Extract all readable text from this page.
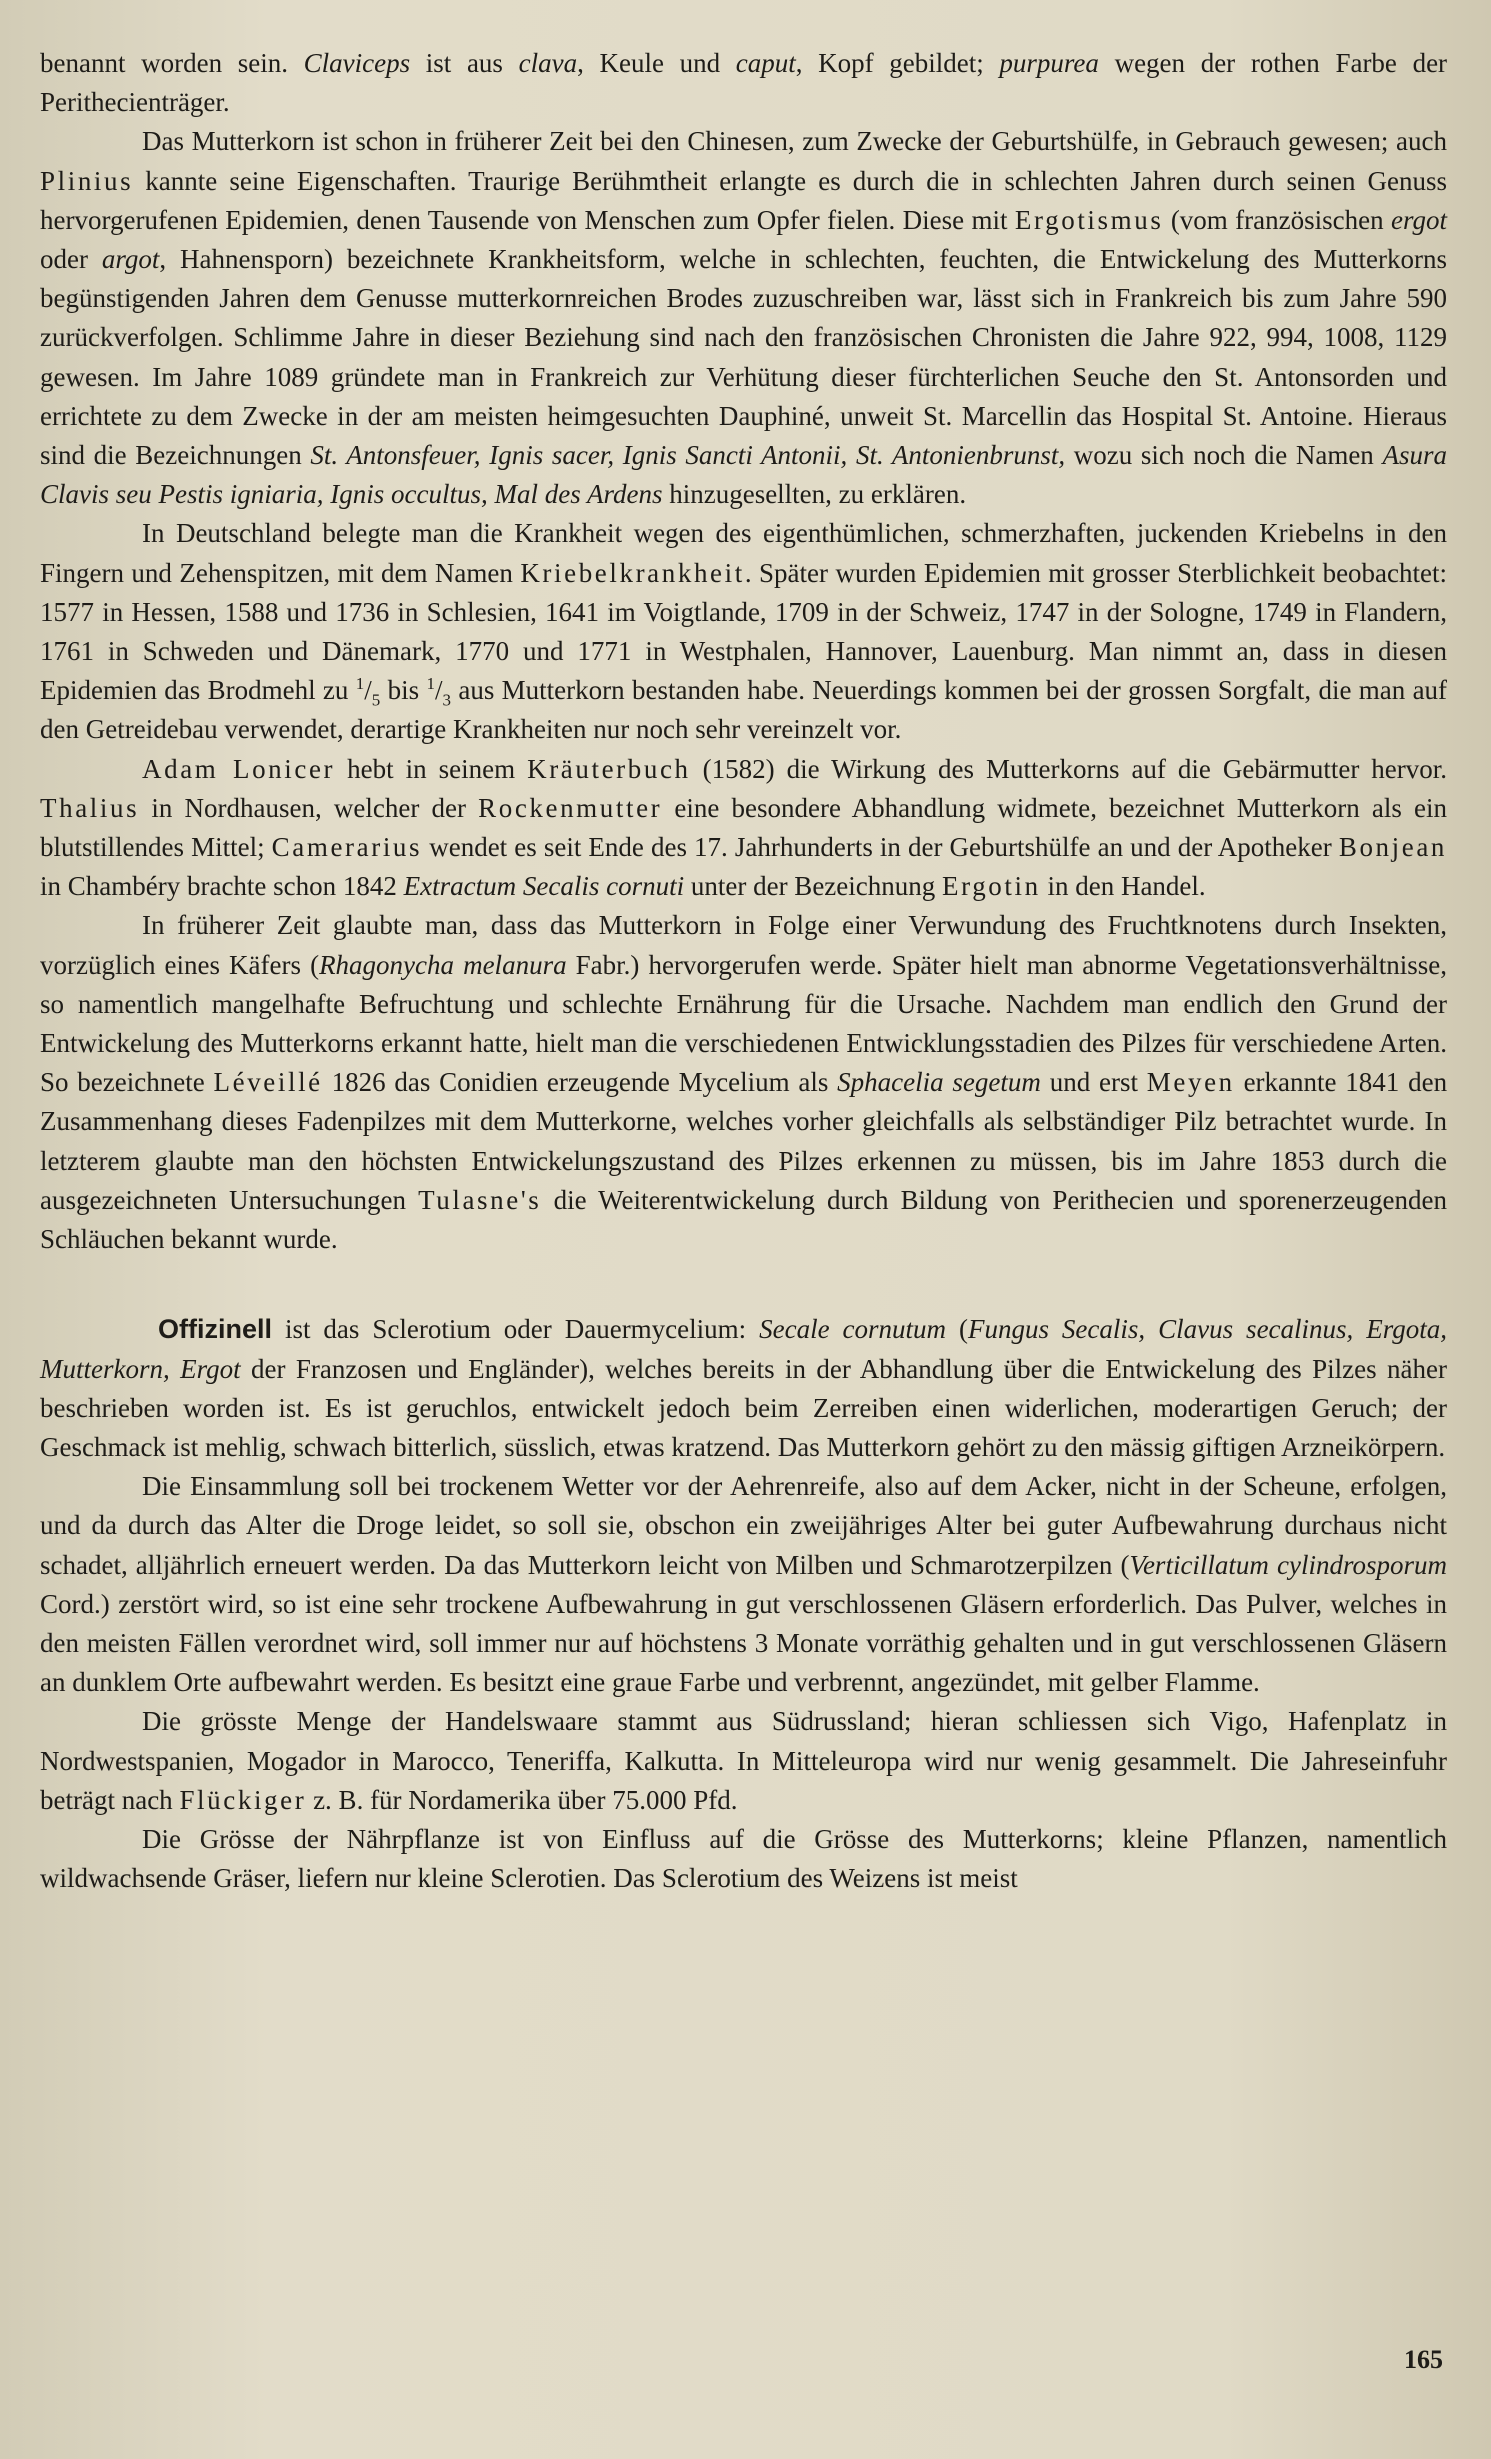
benannt worden sein. Claviceps ist aus clava, Keule und caput, Kopf gebildet; purpurea wegen der rothen Farbe der Perithecienträger.

Das Mutterkorn ist schon in früherer Zeit bei den Chinesen, zum Zwecke der Geburtshülfe, in Gebrauch gewesen; auch Plinius kannte seine Eigenschaften. Traurige Berühmtheit erlangte es durch die in schlechten Jahren durch seinen Genuss hervorgerufenen Epidemien, denen Tausende von Menschen zum Opfer fielen. Diese mit Ergotismus (vom französischen ergot oder argot, Hahnensporn) bezeichnete Krankheitsform, welche in schlechten, feuchten, die Entwickelung des Mutterkorns begünstigenden Jahren dem Genusse mutterkornreichen Brodes zuzuschreiben war, lässt sich in Frankreich bis zum Jahre 590 zurückverfolgen. Schlimme Jahre in dieser Beziehung sind nach den französischen Chronisten die Jahre 922, 994, 1008, 1129 gewesen. Im Jahre 1089 gründete man in Frankreich zur Verhütung dieser fürchterlichen Seuche den St. Antonsorden und errichtete zu dem Zwecke in der am meisten heimgesuchten Dauphiné, unweit St. Marcellin das Hospital St. Antoine. Hieraus sind die Bezeichnungen St. Antonsfeuer, Ignis sacer, Ignis Sancti Antonii, St. Antonienbrunst, wozu sich noch die Namen Asura Clavis seu Pestis igniaria, Ignis occultus, Mal des Ardens hinzugesellten, zu erklären.

In Deutschland belegte man die Krankheit wegen des eigenthümlichen, schmerzhaften, juckenden Kriebelns in den Fingern und Zehenspitzen, mit dem Namen Kriebelkrankheit. Später wurden Epidemien mit grosser Sterblichkeit beobachtet: 1577 in Hessen, 1588 und 1736 in Schlesien, 1641 im Voigtlande, 1709 in der Schweiz, 1747 in der Sologne, 1749 in Flandern, 1761 in Schweden und Dänemark, 1770 und 1771 in Westphalen, Hannover, Lauenburg. Man nimmt an, dass in diesen Epidemien das Brodmehl zu $^1/_5$ bis $^1/_3$ aus Mutterkorn bestanden habe. Neuerdings kommen bei der grossen Sorgfalt, die man auf den Getreidebau verwendet, derartige Krankheiten nur noch sehr vereinzelt vor.

Adam Lonicer hebt in seinem Kräuterbuch (1582) die Wirkung des Mutterkorns auf die Gebärmutter hervor. Thalius in Nordhausen, welcher der Rockenmutter eine besondere Abhandlung widmete, bezeichnet Mutterkorn als ein blutstillendes Mittel; Camerarius wendet es seit Ende des 17. Jahrhunderts in der Geburtshülfe an und der Apotheker Bonjean in Chambéry brachte schon 1842 Extractum Secalis cornuti unter der Bezeichnung Ergotin in den Handel.

In früherer Zeit glaubte man, dass das Mutterkorn in Folge einer Verwundung des Fruchtknotens durch Insekten, vorzüglich eines Käfers (Rhagonycha melanura Fabr.) hervorgerufen werde. Später hielt man abnorme Vegetationsverhältnisse, so namentlich mangelhafte Befruchtung und schlechte Ernährung für die Ursache. Nachdem man endlich den Grund der Entwickelung des Mutterkorns erkannt hatte, hielt man die verschiedenen Entwicklungsstadien des Pilzes für verschiedene Arten. So bezeichnete Léveillé 1826 das Conidien erzeugende Mycelium als Sphacelia segetum und erst Meyen erkannte 1841 den Zusammenhang dieses Fadenpilzes mit dem Mutterkorne, welches vorher gleichfalls als selbständiger Pilz betrachtet wurde. In letzterem glaubte man den höchsten Entwickelungszustand des Pilzes erkennen zu müssen, bis im Jahre 1853 durch die ausgezeichneten Untersuchungen Tulasne's die Weiterentwickelung durch Bildung von Perithecien und sporenerzeugenden Schläuchen bekannt wurde.

Offizinell ist das Sclerotium oder Dauermycelium: Secale cornutum (Fungus Secalis, Clavus secalinus, Ergota, Mutterkorn, Ergot der Franzosen und Engländer), welches bereits in der Abhandlung über die Entwickelung des Pilzes näher beschrieben worden ist. Es ist geruchlos, entwickelt jedoch beim Zerreiben einen widerlichen, moderartigen Geruch; der Geschmack ist mehlig, schwach bitterlich, süsslich, etwas kratzend. Das Mutterkorn gehört zu den mässig giftigen Arzneikörpern.

Die Einsammlung soll bei trockenem Wetter vor der Aehrenreife, also auf dem Acker, nicht in der Scheune, erfolgen, und da durch das Alter die Droge leidet, so soll sie, obschon ein zweijähriges Alter bei guter Aufbewahrung durchaus nicht schadet, alljährlich erneuert werden. Da das Mutterkorn leicht von Milben und Schmarotzerpilzen (Verticillatum cylindrosporum Cord.) zerstört wird, so ist eine sehr trockene Aufbewahrung in gut verschlossenen Gläsern erforderlich. Das Pulver, welches in den meisten Fällen verordnet wird, soll immer nur auf höchstens 3 Monate vorräthig gehalten und in gut verschlossenen Gläsern an dunklem Orte aufbewahrt werden. Es besitzt eine graue Farbe und verbrennt, angezündet, mit gelber Flamme.

Die grösste Menge der Handelswaare stammt aus Südrussland; hieran schliessen sich Vigo, Hafenplatz in Nordwestspanien, Mogador in Marocco, Teneriffa, Kalkutta. In Mitteleuropa wird nur wenig gesammelt. Die Jahreseinfuhr beträgt nach Flückiger z. B. für Nordamerika über 75.000 Pfd.

Die Grösse der Nährpflanze ist von Einfluss auf die Grösse des Mutterkorns; kleine Pflanzen, namentlich wildwachsende Gräser, liefern nur kleine Sclerotien. Das Sclerotium des Weizens ist meist

165
